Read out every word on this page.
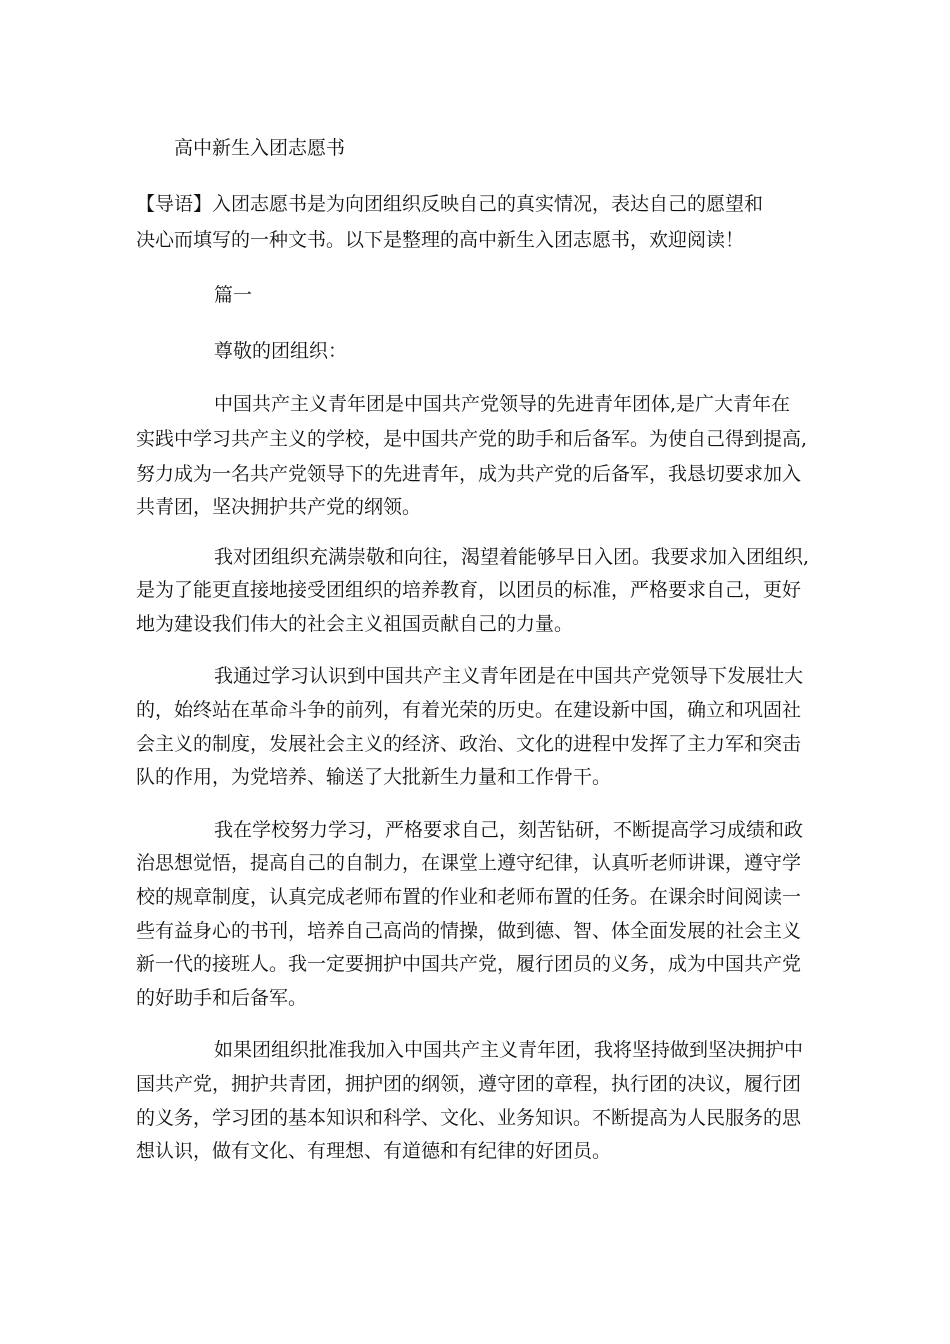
高中新生入团志愿书
【导语】入团志愿书是为向团组织反映自己的真实情况，表达自己的愿望和
决心而填写的一种文书。以下是整理的高中新生入团志愿书，欢迎阅读！
篇一
尊敬的团组织：
中国共产主义青年团是中国共产党领导的先进青年团体,是广大青年在
实践中学习共产主义的学校，是中国共产党的助手和后备军。为使自己得到提高,
努力成为一名共产党领导下的先进青年，成为共产党的后备军，我恳切要求加入
共青团，坚决拥护共产党的纲领。
我对团组织充满崇敬和向往，渴望着能够早日入团。我要求加入团组织,
是为了能更直接地接受团组织的培养教育，以团员的标准，严格要求自己，更好
地为建设我们伟大的社会主义祖国贡献自己的力量。
我通过学习认识到中国共产主义青年团是在中国共产党领导下发展壮大
的，始终站在革命斗争的前列，有着光荣的历史。在建设新中国，确立和巩固社
会主义的制度，发展社会主义的经济、政治、文化的进程中发挥了主力军和突击
队的作用，为党培养、输送了大批新生力量和工作骨干。
我在学校努力学习，严格要求自己，刻苦钻研，不断提高学习成绩和政
治思想觉悟，提高自己的自制力，在课堂上遵守纪律，认真听老师讲课，遵守学
校的规章制度，认真完成老师布置的作业和老师布置的任务。在课余时间阅读一
些有益身心的书刊，培养自己高尚的情操，做到德、智、体全面发展的社会主义
新一代的接班人。我一定要拥护中国共产党，履行团员的义务，成为中国共产党
的好助手和后备军。
如果团组织批准我加入中国共产主义青年团，我将坚持做到坚决拥护中
国共产党，拥护共青团，拥护团的纲领，遵守团的章程，执行团的决议，履行团
的义务，学习团的基本知识和科学、文化、业务知识。不断提高为人民服务的思
想认识，做有文化、有理想、有道德和有纪律的好团员。
